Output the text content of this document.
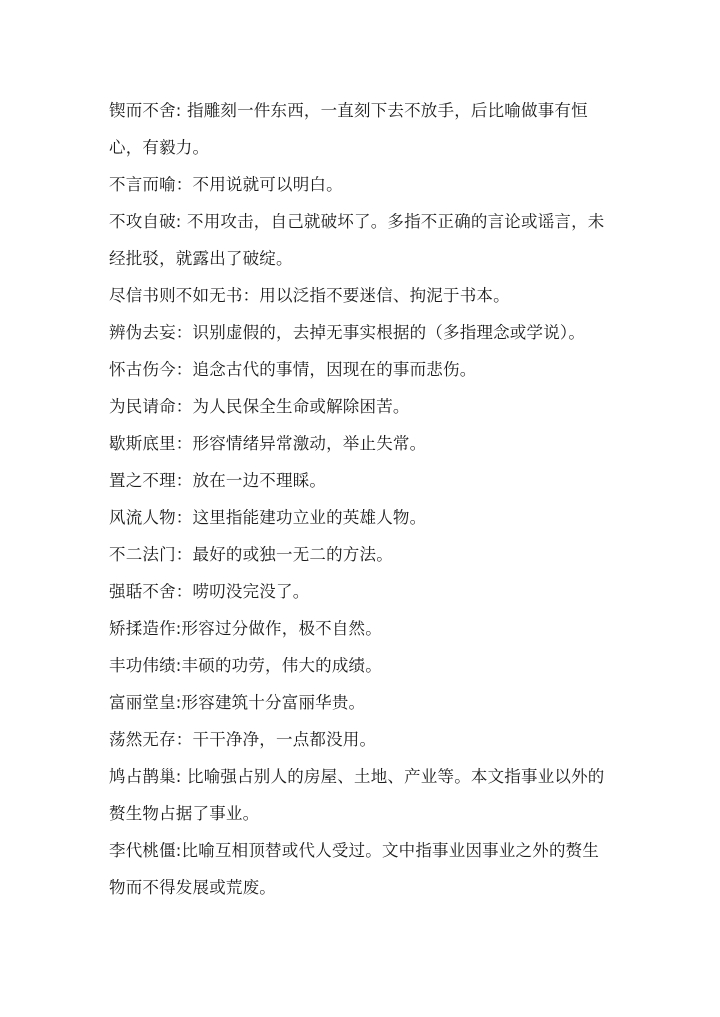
锲而不舍: 指雕刻一件东西，一直刻下去不放手，后比喻做事有恒心，有毅力。
不言而喻：不用说就可以明白。
不攻自破: 不用攻击，自己就破坏了。多指不正确的言论或谣言，未经批驳，就露出了破绽。
尽信书则不如无书：用以泛指不要迷信、拘泥于书本。
辨伪去妄：识别虚假的，去掉无事实根据的（多指理念或学说）。
怀古伤今：追念古代的事情，因现在的事而悲伤。
为民请命：为人民保全生命或解除困苦。
歇斯底里：形容情绪异常激动，举止失常。
置之不理：放在一边不理睬。
风流人物：这里指能建功立业的英雄人物。
不二法门：最好的或独一无二的方法。
强聒不舍：唠叨没完没了。
矫揉造作:形容过分做作，极不自然。
丰功伟绩:丰硕的功劳，伟大的成绩。
富丽堂皇:形容建筑十分富丽华贵。
荡然无存：干干净净，一点都没用。
鸠占鹊巢: 比喻强占别人的房屋、土地、产业等。本文指事业以外的赘生物占据了事业。
李代桃僵:比喻互相顶替或代人受过。文中指事业因事业之外的赘生物而不得发展或荒废。
